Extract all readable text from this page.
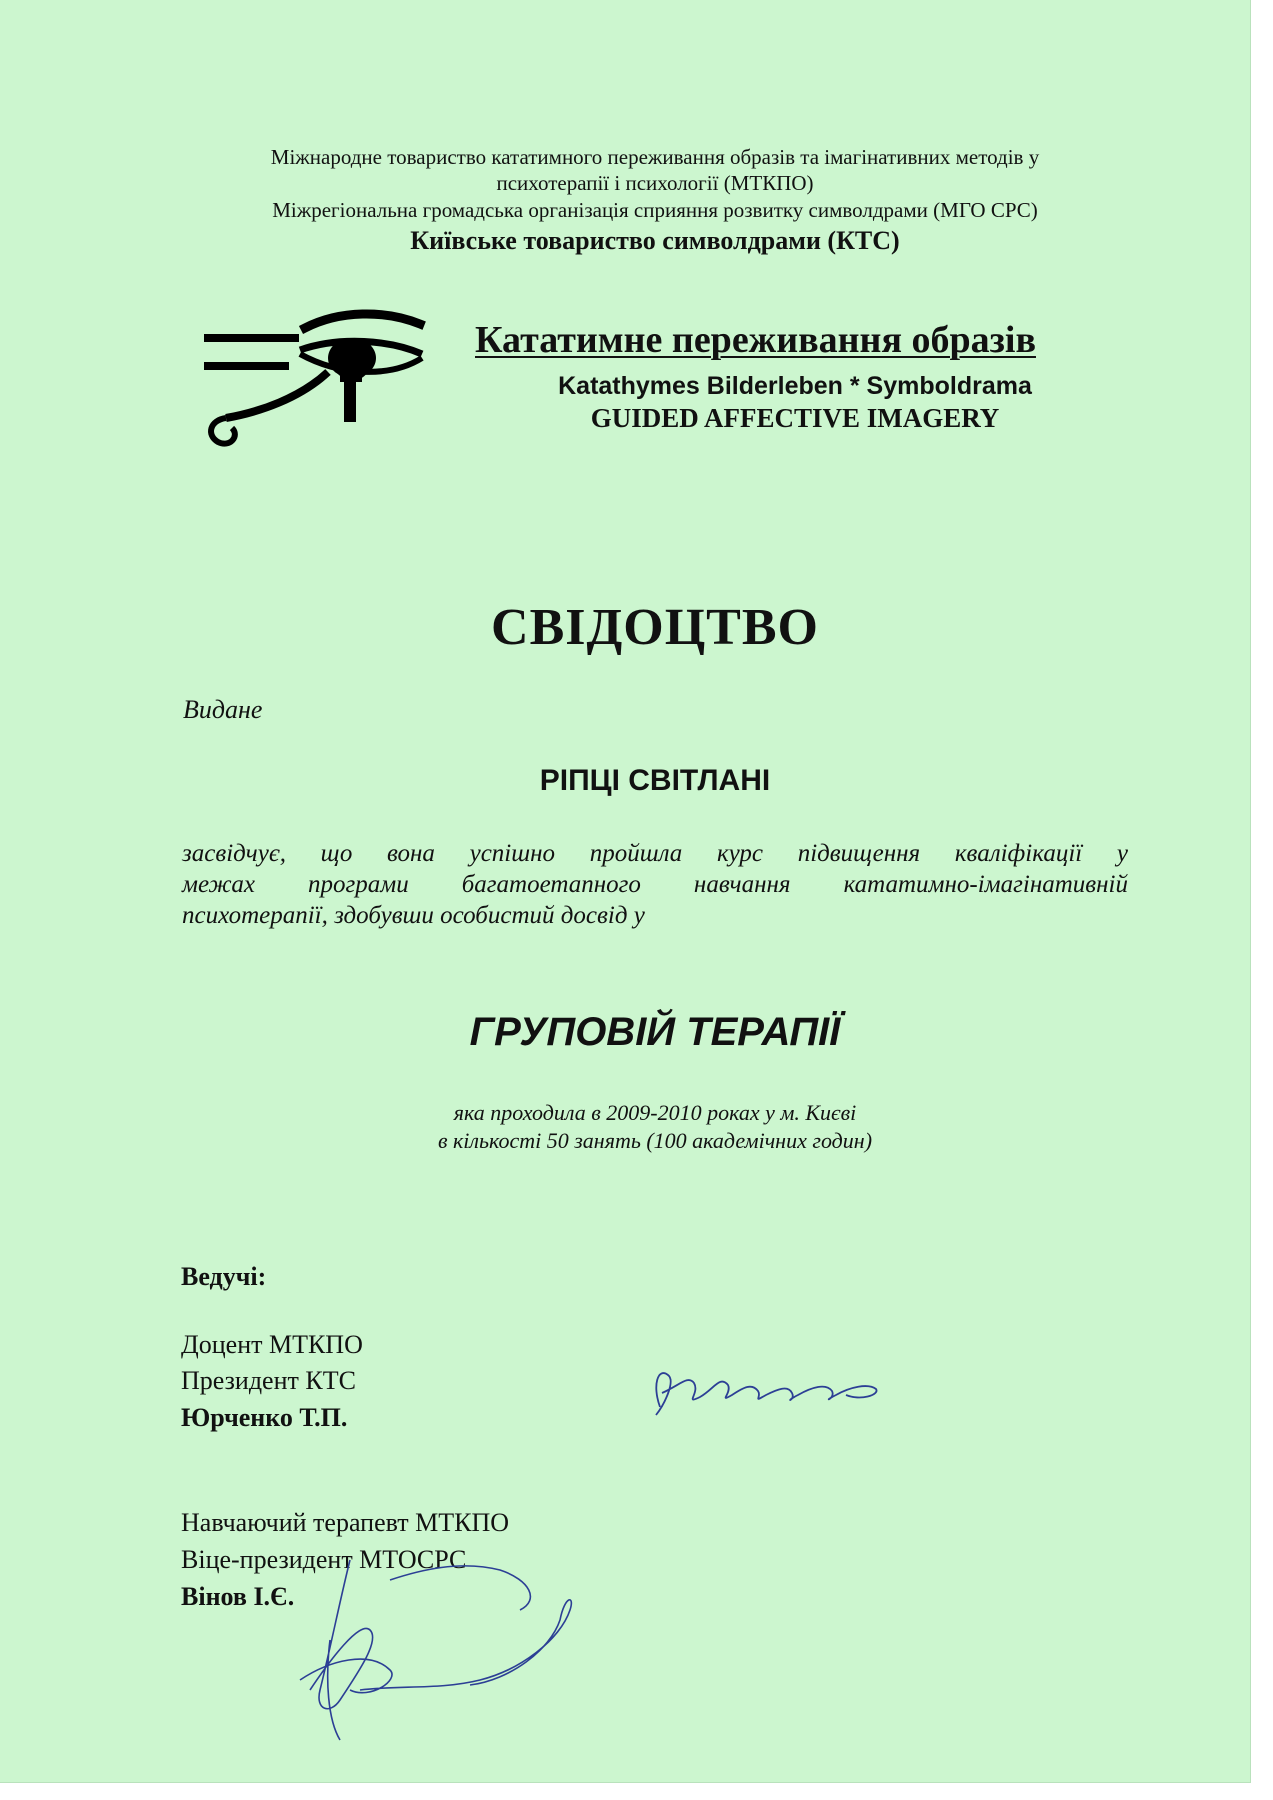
Міжнародне товариство кататимного переживання образів та імагінативних методів у
психотерапії і психології (МТКПО)
Міжрегіональна громадська організація сприяння розвитку символдрами (МГО СРС)
Київське товариство символдрами (КТС)
Кататимне переживання образів
Katathymes Bilderleben * Symboldrama
GUIDED AFFECTIVE IMAGERY
СВІДОЦТВО
Видане
РІПЦІ СВІТЛАНІ
засвідчує, що вона успішно пройшла курс підвищення кваліфікації у
межах програми багатоетапного навчання кататимно-імагінативній
психотерапії, здобувши особистий досвід у
ГРУПОВІЙ ТЕРАПІЇ
яка проходила в 2009-2010 роках у м. Києві
в кількості 50 занять (100 академічних годин)
Ведучі:
Доцент МТКПО
Президент КТС
Юрченко Т.П.
Навчаючий терапевт МТКПО
Віце-президент МТОСРС
Вінов І.Є.
